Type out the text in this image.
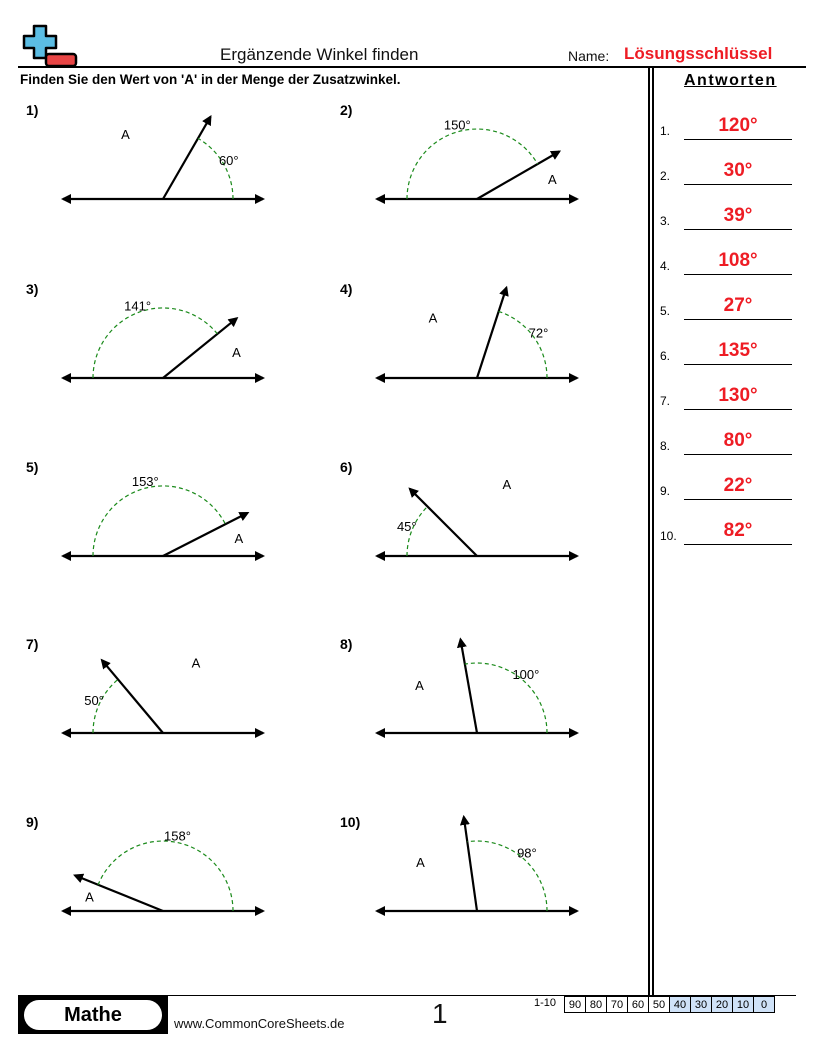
Ergänzende Winkel finden	Name: Lösungsschlüssel
Finden Sie den Wert von 'A' in der Menge der Zusatzwinkel.	Antworten
1.	120°
2.	30°
3.	39°
4.	108°
5.	27°
6.	135°
7.	130°
8.	80°
9.	22°
10.	82°
60°
A
1)
150°
A
2)
141°
A
3)
72°
A
4)
153°
A
5)
45°
A
6)
50°
A
7)
100°
A
8)
158°
A
9)
98°
A
10)
Mathe	www.CommonCoreSheets.de	1	1-10 90	80	70	60	50	40	30	20	10	0
